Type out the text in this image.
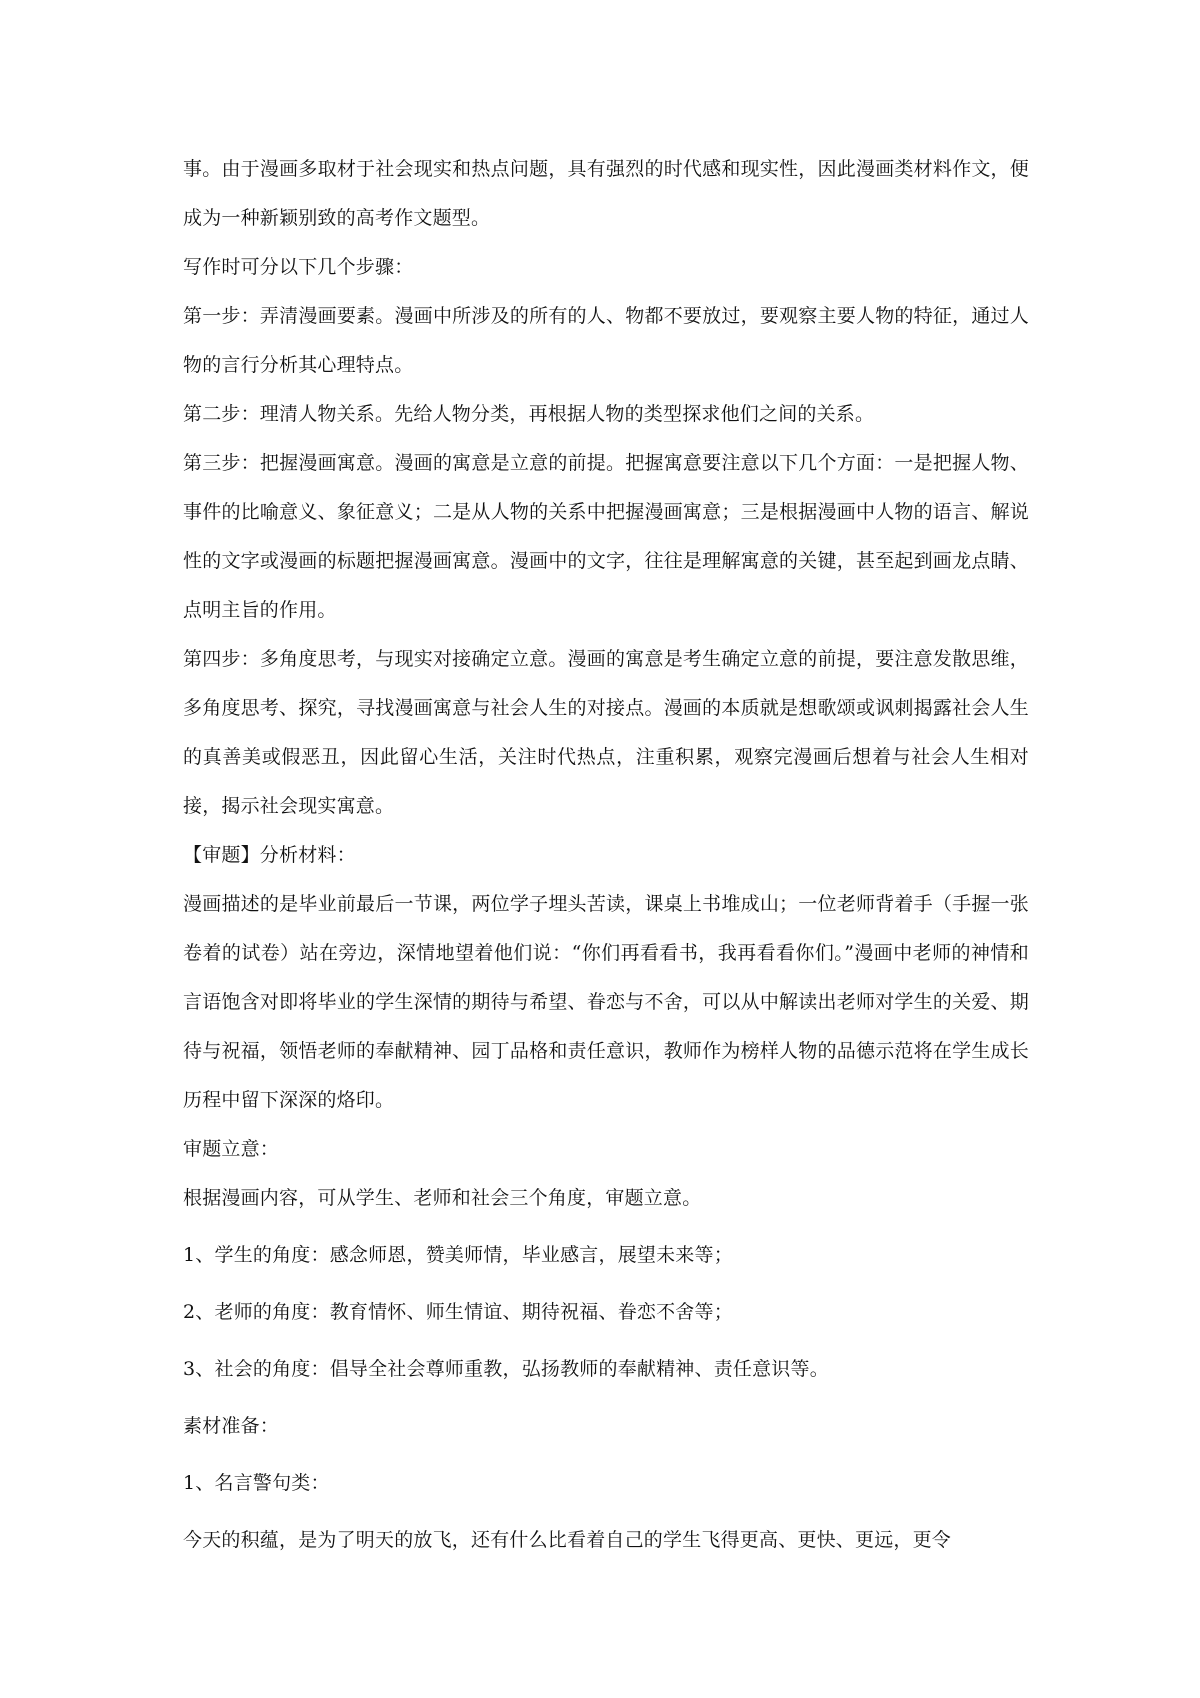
事。由于漫画多取材于社会现实和热点问题，具有强烈的时代感和现实性，因此漫画类材料作文，便成为一种新颖别致的高考作文题型。

写作时可分以下几个步骤：

第一步：弄清漫画要素。漫画中所涉及的所有的人、物都不要放过，要观察主要人物的特征，通过人物的言行分析其心理特点。

第二步：理清人物关系。先给人物分类，再根据人物的类型探求他们之间的关系。

第三步：把握漫画寓意。漫画的寓意是立意的前提。把握寓意要注意以下几个方面：一是把握人物、事件的比喻意义、象征意义；二是从人物的关系中把握漫画寓意；三是根据漫画中人物的语言、解说性的文字或漫画的标题把握漫画寓意。漫画中的文字，往往是理解寓意的关键，甚至起到画龙点睛、点明主旨的作用。

第四步：多角度思考，与现实对接确定立意。漫画的寓意是考生确定立意的前提，要注意发散思维，多角度思考、探究，寻找漫画寓意与社会人生的对接点。漫画的本质就是想歌颂或讽刺揭露社会人生的真善美或假恶丑，因此留心生活，关注时代热点，注重积累，观察完漫画后想着与社会人生相对接，揭示社会现实寓意。

【审题】分析材料：

漫画描述的是毕业前最后一节课，两位学子埋头苦读，课桌上书堆成山；一位老师背着手（手握一张卷着的试卷）站在旁边，深情地望着他们说：“你们再看看书，我再看看你们。”漫画中老师的神情和言语饱含对即将毕业的学生深情的期待与希望、眷恋与不舍，可以从中解读出老师对学生的关爱、期待与祝福，领悟老师的奉献精神、园丁品格和责任意识，教师作为榜样人物的品德示范将在学生成长历程中留下深深的烙印。

审题立意：

根据漫画内容，可从学生、老师和社会三个角度，审题立意。

1、学生的角度：感念师恩，赞美师情，毕业感言，展望未来等；

2、老师的角度：教育情怀、师生情谊、期待祝福、眷恋不舍等；

3、社会的角度：倡导全社会尊师重教，弘扬教师的奉献精神、责任意识等。

素材准备：

1、名言警句类：

今天的积蕴，是为了明天的放飞，还有什么比看着自己的学生飞得更高、更快、更远，更令
